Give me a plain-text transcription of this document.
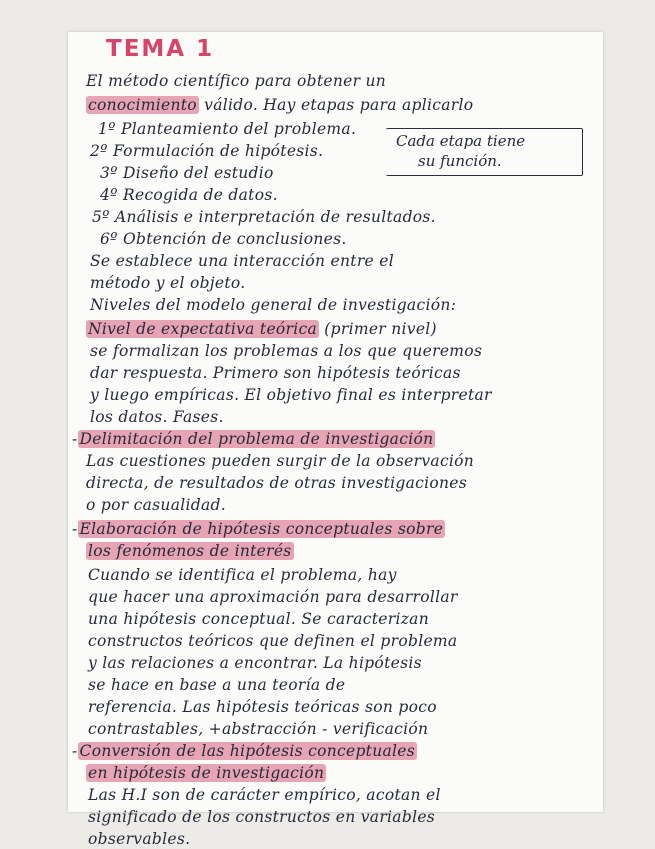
TEMA 1
Cada etapa tiene
su función.
El método científico para obtener un
conocimiento válido. Hay etapas para aplicarlo
1º Planteamiento del problema.
2º Formulación de hipótesis.
3º Diseño del estudio
4º Recogida de datos.
5º Análisis e interpretación de resultados.
6º Obtención de conclusiones.
Se establece una interacción entre el
método y el objeto.
Niveles del modelo general de investigación:
Nivel de expectativa teórica (primer nivel)
se formalizan los problemas a los que queremos
dar respuesta. Primero son hipótesis teóricas
y luego empíricas. El objetivo final es interpretar
los datos. Fases.
- Delimitación del problema de investigación
Las cuestiones pueden surgir de la observación
directa, de resultados de otras investigaciones
o por casualidad.
- Elaboración de hipótesis conceptuales sobre
los fenómenos de interés
Cuando se identifica el problema, hay
que hacer una aproximación para desarrollar
una hipótesis conceptual. Se caracterizan
constructos teóricos que definen el problema
y las relaciones a encontrar. La hipótesis
se hace en base a una teoría de
referencia. Las hipótesis teóricas son poco
contrastables, +abstracción - verificación
- Conversión de las hipótesis conceptuales
en hipótesis de investigación
Las H.I son de carácter empírico, acotan el
significado de los constructos en variables
observables.
